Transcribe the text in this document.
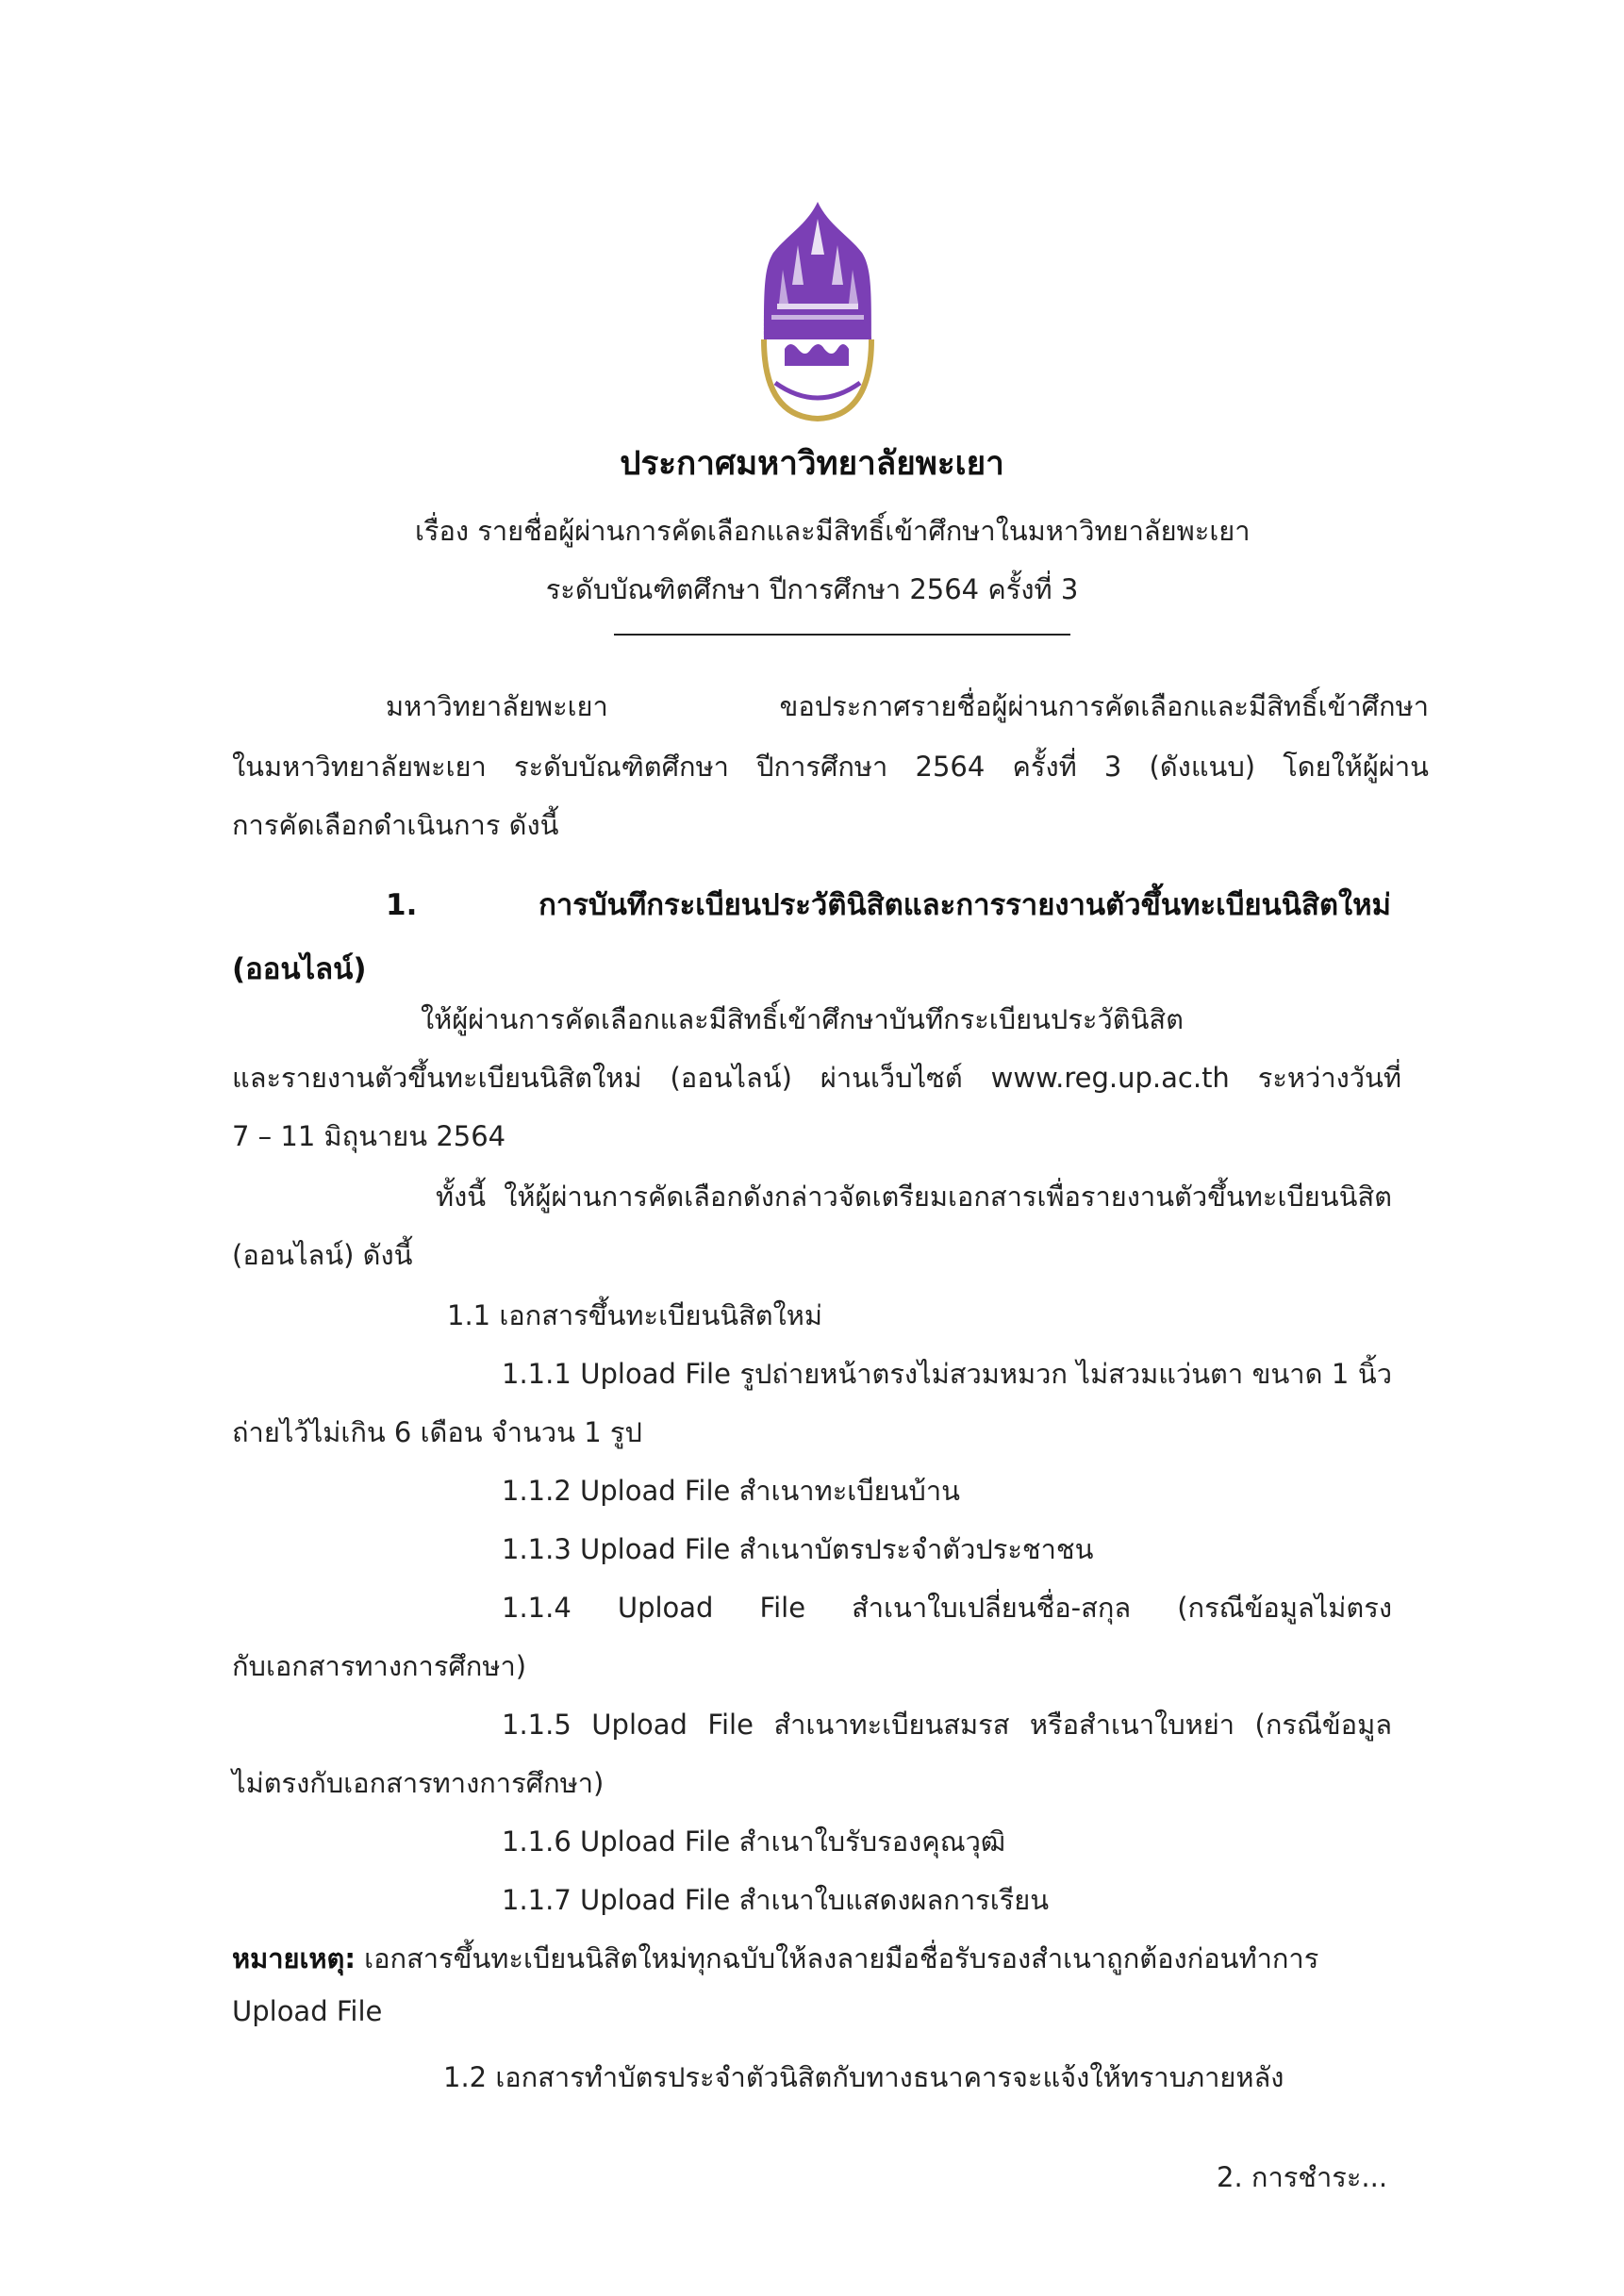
ประกาศมหาวิทยาลัยพะเยา
เรื่อง รายชื่อผู้ผ่านการคัดเลือกและมีสิทธิ์เข้าศึกษาในมหาวิทยาลัยพะเยา
ระดับบัณฑิตศึกษา ปีการศึกษา 2564 ครั้งที่ 3
มหาวิทยาลัยพะเยา ขอประกาศรายชื่อผู้ผ่านการคัดเลือกและมีสิทธิ์เข้าศึกษา
ในมหาวิทยาลัยพะเยา ระดับบัณฑิตศึกษา ปีการศึกษา 2564 ครั้งที่ 3 (ดังแนบ) โดยให้ผู้ผ่าน
การคัดเลือกดำเนินการ ดังนี้
1. การบันทึกระเบียนประวัตินิสิตและการรายงานตัวขึ้นทะเบียนนิสิตใหม่
(ออนไลน์)
ให้ผู้ผ่านการคัดเลือกและมีสิทธิ์เข้าศึกษาบันทึกระเบียนประวัตินิสิต
และรายงานตัวขึ้นทะเบียนนิสิตใหม่ (ออนไลน์) ผ่านเว็บไซต์ www.reg.up.ac.th ระหว่างวันที่
7 – 11 มิถุนายน 2564
ทั้งนี้ ให้ผู้ผ่านการคัดเลือกดังกล่าวจัดเตรียมเอกสารเพื่อรายงานตัวขึ้นทะเบียนนิสิต
(ออนไลน์) ดังนี้
1.1 เอกสารขึ้นทะเบียนนิสิตใหม่
1.1.1 Upload File รูปถ่ายหน้าตรงไม่สวมหมวก ไม่สวมแว่นตา ขนาด 1 นิ้ว
ถ่ายไว้ไม่เกิน 6 เดือน จำนวน 1 รูป
1.1.2 Upload File สำเนาทะเบียนบ้าน
1.1.3 Upload File สำเนาบัตรประจำตัวประชาชน
1.1.4 Upload File สำเนาใบเปลี่ยนชื่อ-สกุล (กรณีข้อมูลไม่ตรง
กับเอกสารทางการศึกษา)
1.1.5 Upload File สำเนาทะเบียนสมรส หรือสำเนาใบหย่า (กรณีข้อมูล
ไม่ตรงกับเอกสารทางการศึกษา)
1.1.6 Upload File สำเนาใบรับรองคุณวุฒิ
1.1.7 Upload File สำเนาใบแสดงผลการเรียน
หมายเหตุ: เอกสารขึ้นทะเบียนนิสิตใหม่ทุกฉบับให้ลงลายมือชื่อรับรองสำเนาถูกต้องก่อนทำการ
Upload File
1.2 เอกสารทำบัตรประจำตัวนิสิตกับทางธนาคารจะแจ้งให้ทราบภายหลัง
2. การชำระ...
